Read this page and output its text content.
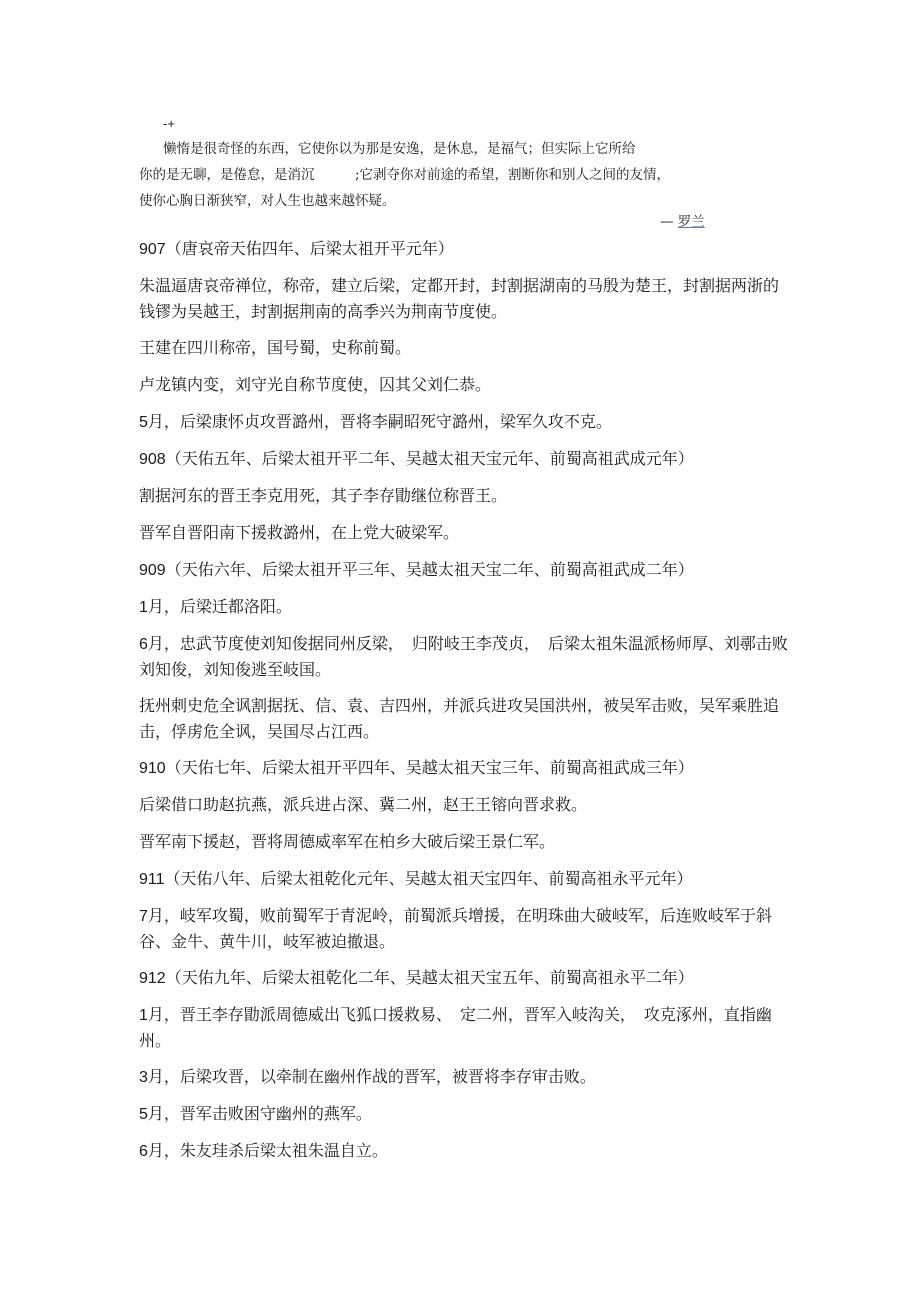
-+
懒惰是很奇怪的东西，它使你以为那是安逸，是休息，是福气；但实际上它所给
你的是无聊，是倦怠，是消沉　　　;它剥夺你对前途的希望，割断你和别人之间的友情，
使你心胸日渐狭窄，对人生也越来越怀疑。
— 罗兰

907（唐哀帝天佑四年、后梁太祖开平元年）

朱温逼唐哀帝禅位，称帝，建立后梁，定都开封，封割据湖南的马殷为楚王，封割据两浙的钱镠为吴越王，封割据荆南的高季兴为荆南节度使。

王建在四川称帝，国号蜀，史称前蜀。

卢龙镇内变，刘守光自称节度使，囚其父刘仁恭。

5月，后梁康怀贞攻晋潞州，晋将李嗣昭死守潞州，梁军久攻不克。

908（天佑五年、后梁太祖开平二年、吴越太祖天宝元年、前蜀高祖武成元年）

割据河东的晋王李克用死，其子李存勖继位称晋王。

晋军自晋阳南下援救潞州，在上党大破梁军。

909（天佑六年、后梁太祖开平三年、吴越太祖天宝二年、前蜀高祖武成二年）

1月，后梁迁都洛阳。

6月，忠武节度使刘知俊据同州反梁，　归附岐王李茂贞，　后梁太祖朱温派杨师厚、刘鄩击败刘知俊，刘知俊逃至岐国。

抚州刺史危全讽割据抚、信、袁、吉四州，并派兵进攻吴国洪州，被吴军击败，吴军乘胜追击，俘虏危全讽，吴国尽占江西。

910（天佑七年、后梁太祖开平四年、吴越太祖天宝三年、前蜀高祖武成三年）

后梁借口助赵抗燕，派兵进占深、冀二州，赵王王镕向晋求救。

晋军南下援赵，晋将周德威率军在柏乡大破后梁王景仁军。

911（天佑八年、后梁太祖乾化元年、吴越太祖天宝四年、前蜀高祖永平元年）

7月，岐军攻蜀，败前蜀军于青泥岭，前蜀派兵增援，在明珠曲大破岐军，后连败岐军于斜谷、金牛、黄牛川，岐军被迫撤退。

912（天佑九年、后梁太祖乾化二年、吴越太祖天宝五年、前蜀高祖永平二年）

1月，晋王李存勖派周德威出飞狐口援救易、　定二州，晋军入岐沟关，　攻克涿州，直指幽州。

3月，后梁攻晋，以牵制在幽州作战的晋军，被晋将李存审击败。

5月，晋军击败困守幽州的燕军。

6月，朱友珪杀后梁太祖朱温自立。
